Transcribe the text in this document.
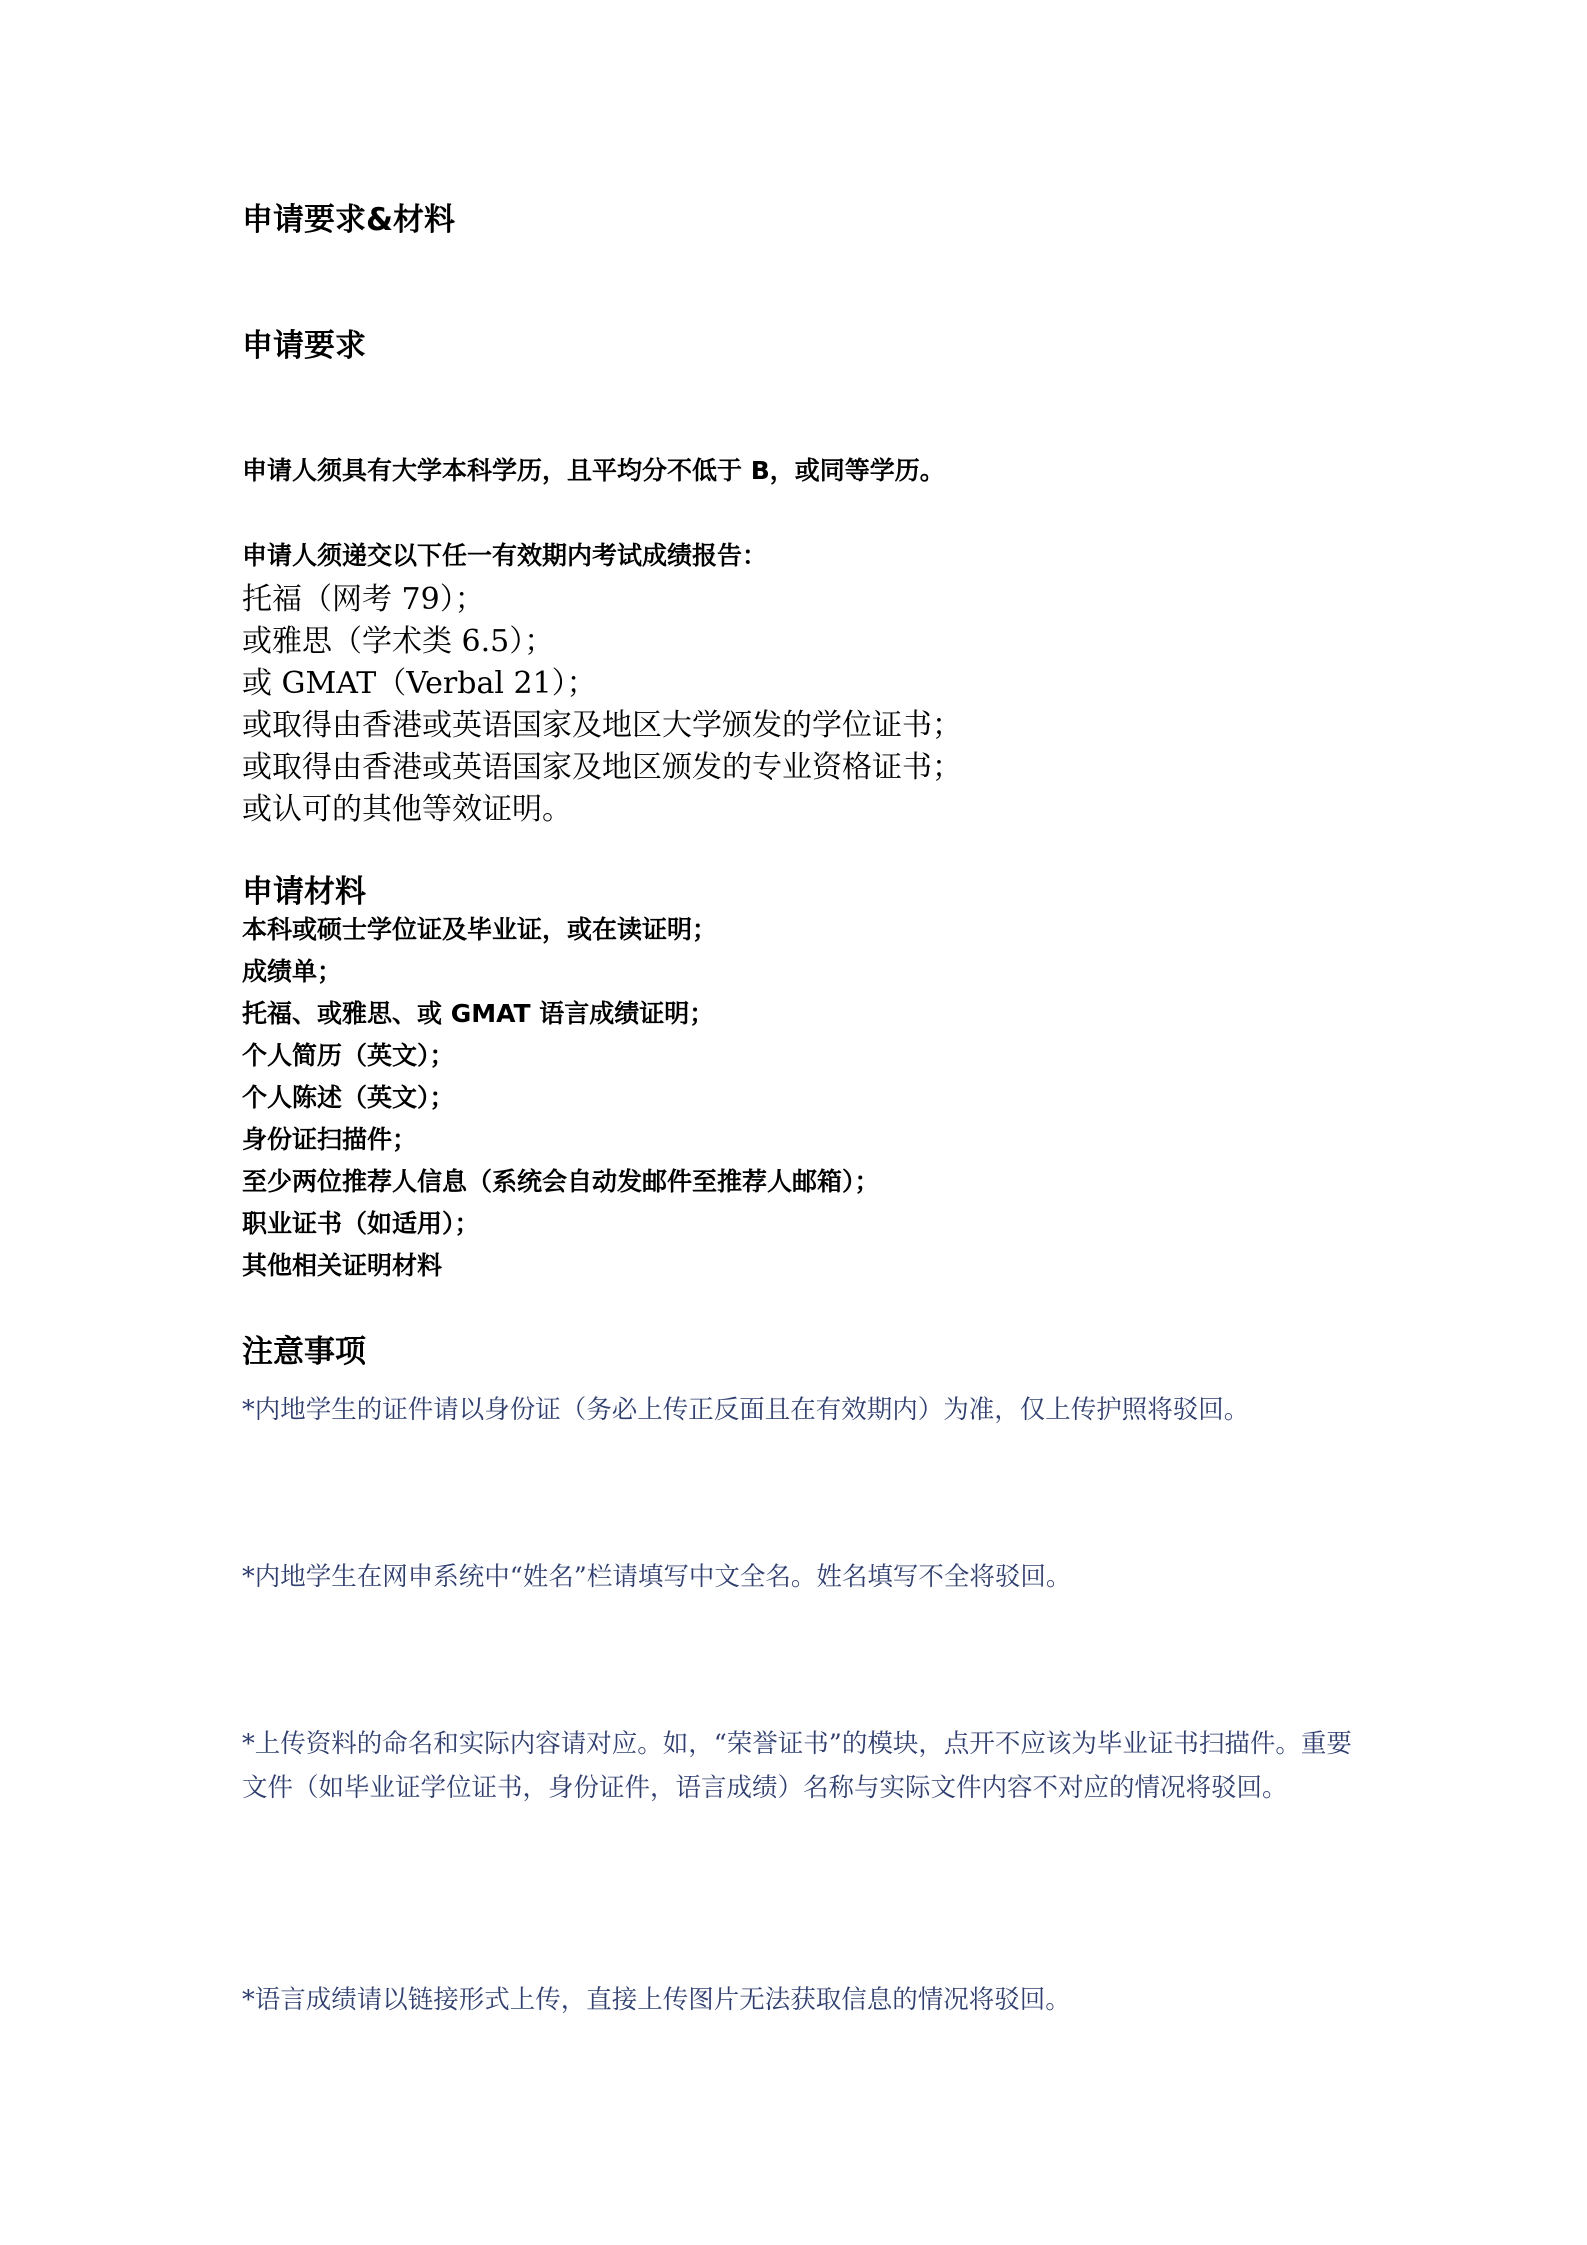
申请要求&材料
申请要求
申请人须具有大学本科学历，且平均分不低于 B，或同等学历。
申请人须递交以下任一有效期内考试成绩报告：
托福（网考 79）；
或雅思（学术类 6.5）；
或 GMAT（Verbal 21）；
或取得由香港或英语国家及地区大学颁发的学位证书；
或取得由香港或英语国家及地区颁发的专业资格证书；
或认可的其他等效证明。
申请材料
本科或硕士学位证及毕业证，或在读证明；
成绩单；
托福、或雅思、或 GMAT 语言成绩证明；
个人简历（英文）；
个人陈述（英文）；
身份证扫描件；
至少两位推荐人信息（系统会自动发邮件至推荐人邮箱）；
职业证书（如适用）；
其他相关证明材料
注意事项
*内地学生的证件请以身份证（务必上传正反面且在有效期内）为准，仅上传护照将驳回。
*内地学生在网申系统中“姓名”栏请填写中文全名。姓名填写不全将驳回。
*上传资料的命名和实际内容请对应。如，“荣誉证书”的模块，点开不应该为毕业证书扫描件。重要文件（如毕业证学位证书，身份证件，语言成绩）名称与实际文件内容不对应的情况将驳回。
*语言成绩请以链接形式上传，直接上传图片无法获取信息的情况将驳回。
